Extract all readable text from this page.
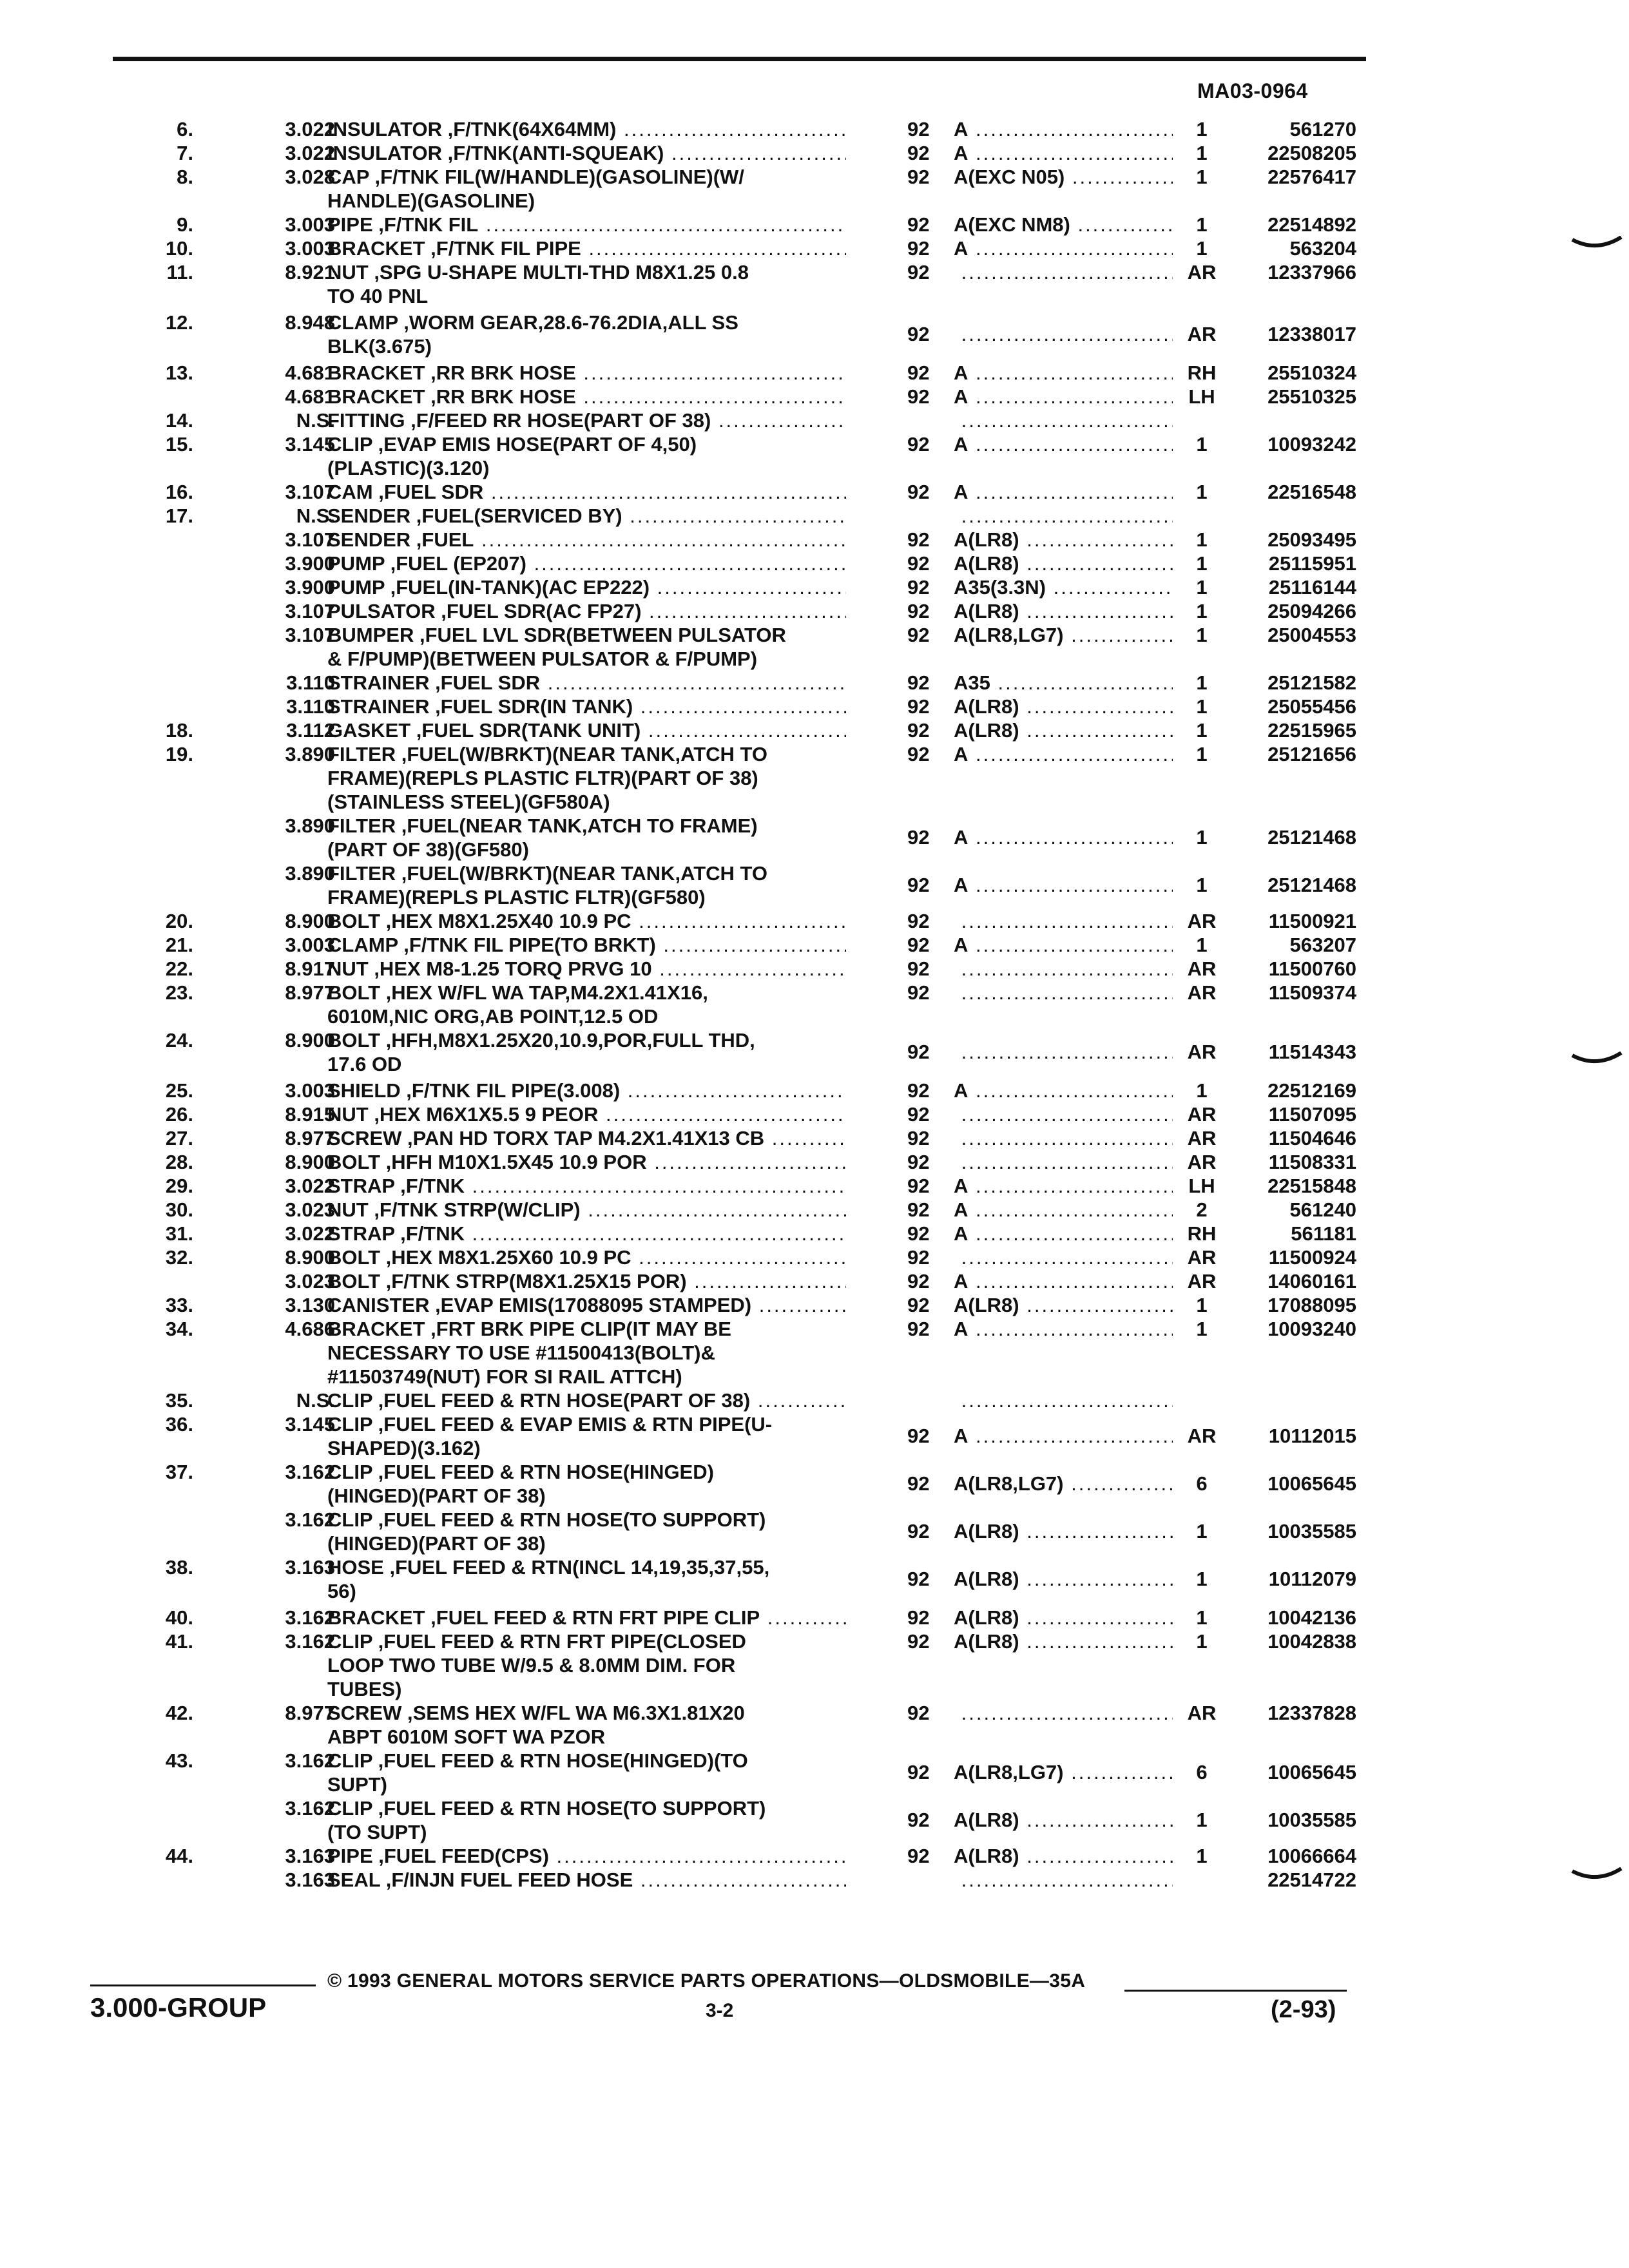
MA03-0964
6.	3.022
INSULATOR ,F/TNK(64X64MM) .....	92	A .....	1	561270
7.	3.022
INSULATOR ,F/TNK(ANTI-SQUEAK) .....	92	A .....	1	22508205
8.	3.028
CAP ,F/TNK FIL(W/HANDLE)(GASOLINE)(W/
HANDLE)(GASOLINE)
92	A(EXC N05) .....	1	22576417
9.	3.003
PIPE ,F/TNK FIL .....	92	A(EXC NM8) .....	1	22514892
10.	3.003
BRACKET ,F/TNK FIL PIPE .....	92	A .....	1	563204
11.	8.921
NUT ,SPG U-SHAPE MULTI-THD M8X1.25 0.8
TO 40 PNL
92 .....	AR	12337966
12.	8.948
CLAMP ,WORM GEAR,28.6-76.2DIA,ALL SS
BLK(3.675)
92 .....	AR	12338017
13.	4.681
BRACKET ,RR BRK HOSE .....	92	A .....	RH	25510324
4.681
BRACKET ,RR BRK HOSE .....	92	A .....	LH	25510325
14.	N.S.
FITTING ,F/FEED RR HOSE(PART OF 38) .....
.....
15.	3.145
CLIP ,EVAP EMIS HOSE(PART OF 4,50)
(PLASTIC)(3.120)
92	A .....	1	10093242
16.	3.107
CAM ,FUEL SDR .....	92	A .....	1	22516548
17.	N.S.
SENDER ,FUEL(SERVICED BY) .....
.....
3.107
SENDER ,FUEL .....	92	A(LR8) .....	1	25093495
3.900
PUMP ,FUEL (EP207) .....	92	A(LR8) .....	1	25115951
3.900
PUMP ,FUEL(IN-TANK)(AC EP222) .....	92	A35(3.3N) .....	1	25116144
3.107
PULSATOR ,FUEL SDR(AC FP27) .....	92	A(LR8) .....	1	25094266
3.107
BUMPER ,FUEL LVL SDR(BETWEEN PULSATOR
& F/PUMP)(BETWEEN PULSATOR & F/PUMP)
92	A(LR8,LG7) .....	1	25004553
3.110
STRAINER ,FUEL SDR .....	92	A35 .....	1	25121582
3.110
STRAINER ,FUEL SDR(IN TANK) .....	92	A(LR8) .....	1	25055456
18.	3.112
GASKET ,FUEL SDR(TANK UNIT) .....	92	A(LR8) .....	1	22515965
19.	3.890
FILTER ,FUEL(W/BRKT)(NEAR TANK,ATCH TO
FRAME)(REPLS PLASTIC FLTR)(PART OF 38)
(STAINLESS STEEL)(GF580A)
92	A .....	1	25121656
3.890
FILTER ,FUEL(NEAR TANK,ATCH TO FRAME)
(PART OF 38)(GF580)
92	A .....	1	25121468
3.890
FILTER ,FUEL(W/BRKT)(NEAR TANK,ATCH TO
FRAME)(REPLS PLASTIC FLTR)(GF580)
92	A .....	1	25121468
20.	8.900
BOLT ,HEX M8X1.25X40 10.9 PC .....	92 .....	AR	11500921
21.	3.003
CLAMP ,F/TNK FIL PIPE(TO BRKT) .....	92	A .....	1	563207
22.	8.917
NUT ,HEX M8-1.25 TORQ PRVG 10 .....	92 .....	AR	11500760
23.	8.977
BOLT ,HEX W/FL WA TAP,M4.2X1.41X16,
6010M,NIC ORG,AB POINT,12.5 OD
92 .....	AR	11509374
24.	8.900
BOLT ,HFH,M8X1.25X20,10.9,POR,FULL THD,
17.6 OD
92 .....	AR	11514343
25.	3.003
SHIELD ,F/TNK FIL PIPE(3.008) .....	92	A .....	1	22512169
26.	8.915
NUT ,HEX M6X1X5.5 9 PEOR .....	92 .....	AR	11507095
27.	8.977
SCREW ,PAN HD TORX TAP M4.2X1.41X13 CB .....	92 .....	AR	11504646
28.	8.900
BOLT ,HFH M10X1.5X45 10.9 POR .....	92 .....	AR	11508331
29.	3.022
STRAP ,F/TNK .....	92	A .....	LH	22515848
30.	3.023
NUT ,F/TNK STRP(W/CLIP) .....	92	A .....	2	561240
31.	3.022
STRAP ,F/TNK .....	92	A .....	RH	561181
32.	8.900
BOLT ,HEX M8X1.25X60 10.9 PC .....	92 .....	AR	11500924
3.023
BOLT ,F/TNK STRP(M8X1.25X15 POR) .....	92	A .....	AR	14060161
33.	3.130
CANISTER ,EVAP EMIS(17088095 STAMPED) .....	92	A(LR8) .....	1	17088095
34.	4.686
BRACKET ,FRT BRK PIPE CLIP(IT MAY BE
NECESSARY TO USE #11500413(BOLT)&
#11503749(NUT) FOR SI RAIL ATTCH)
92	A .....	1	10093240
35.	N.S.
CLIP ,FUEL FEED & RTN HOSE(PART OF 38) .....
.....
36.	3.145
CLIP ,FUEL FEED & EVAP EMIS & RTN PIPE(U-
SHAPED)(3.162)
92	A .....	AR	10112015
37.	3.162
CLIP ,FUEL FEED & RTN HOSE(HINGED)
(HINGED)(PART OF 38)
92	A(LR8,LG7) .....	6	10065645
3.162
CLIP ,FUEL FEED & RTN HOSE(TO SUPPORT)
(HINGED)(PART OF 38)
92	A(LR8) .....	1	10035585
38.	3.163
HOSE ,FUEL FEED & RTN(INCL 14,19,35,37,55,
56)
92	A(LR8) .....	1	10112079
40.	3.162
BRACKET ,FUEL FEED & RTN FRT PIPE CLIP .....	92	A(LR8) .....	1	10042136
41.	3.162
CLIP ,FUEL FEED & RTN FRT PIPE(CLOSED
LOOP TWO TUBE W/9.5 & 8.0MM DIM. FOR
TUBES)
92	A(LR8) .....	1	10042838
42.	8.977
SCREW ,SEMS HEX W/FL WA M6.3X1.81X20
ABPT 6010M SOFT WA PZOR
92 .....	AR	12337828
43.	3.162
CLIP ,FUEL FEED & RTN HOSE(HINGED)(TO
SUPT)
92	A(LR8,LG7) .....	6	10065645
3.162
CLIP ,FUEL FEED & RTN HOSE(TO SUPPORT)
(TO SUPT)
92	A(LR8) .....	1	10035585
44.	3.163
PIPE ,FUEL FEED(CPS) .....	92	A(LR8) .....	1	10066664
3.163
SEAL ,F/INJN FUEL FEED HOSE ..... .....	22514722
© 1993 GENERAL MOTORS SERVICE PARTS OPERATIONS—OLDSMOBILE—35A
3.000-GROUP	3-2	(2-93)
